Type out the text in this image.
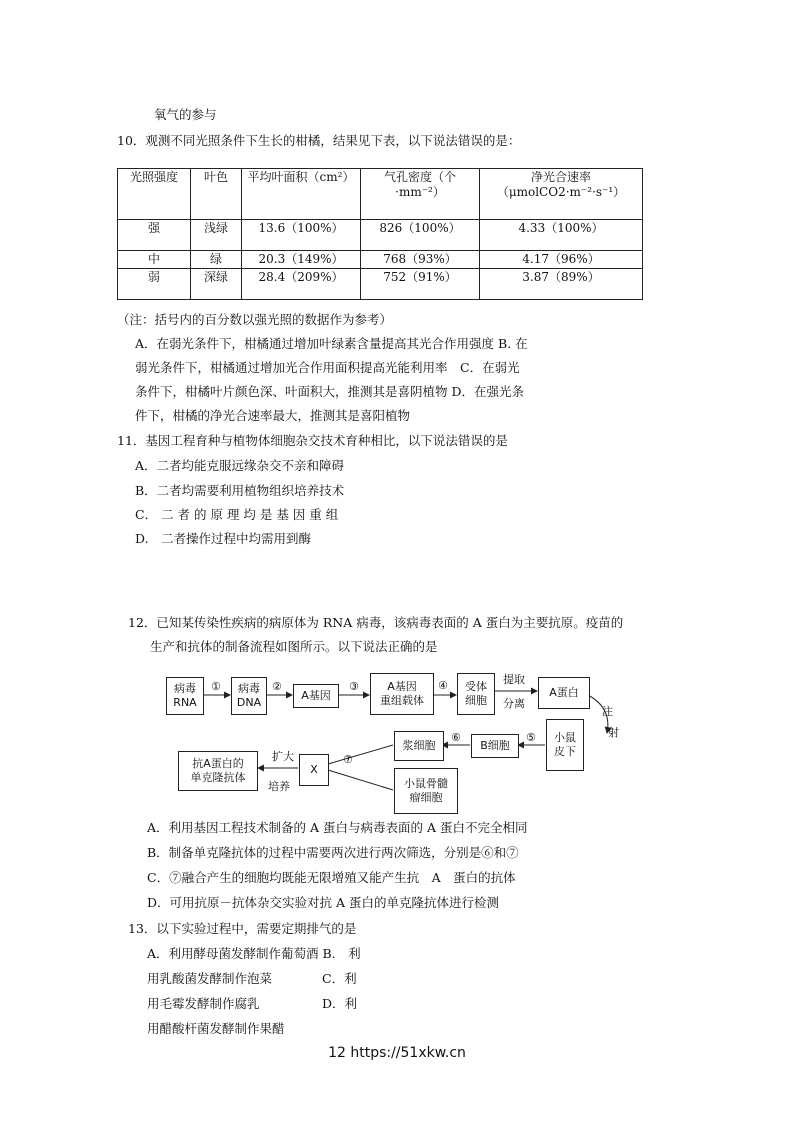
氧气的参与
10．观测不同光照条件下生长的柑橘，结果见下表，以下说法错误的是：
光照强度	叶色	平均叶面积（cm²）	气孔密度（个·mm⁻²）	净光合速率（μmolCO2·m⁻²·s⁻¹）
强	浅绿	13.6（100%）	826（100%）	4.33（100%）
中	绿	20.3（149%）	768（93%）	4.17（96%）
弱	深绿	28.4（209%）	752（91%）	3.87（89%）
（注：括号内的百分数以强光照的数据作为参考）
A．在弱光条件下，柑橘通过增加叶绿素含量提高其光合作用强度 B. 在
弱光条件下，柑橘通过增加光合作用面积提高光能利用率　C．在弱光
条件下，柑橘叶片颜色深、叶面积大，推测其是喜阴植物 D．在强光条
件下，柑橘的净光合速率最大，推测其是喜阳植物
11．基因工程育种与植物体细胞杂交技术育种相比，以下说法错误的是
A．二者均能克服远缘杂交不亲和障碍
B．二者均需要利用植物组织培养技术
C． 二 者 的 原 理 均 是 基 因 重 组
D.　二者操作过程中均需用到酶
12．已知某传染性疾病的病原体为 RNA 病毒，该病毒表面的 A 蛋白为主要抗原。疫苗的
生产和抗体的制备流程如图所示。以下说法正确的是
病毒
RNA
病毒
DNA
A基因
A基因
重组载体
受体
细胞
A蛋白
小鼠
皮下
B细胞
浆细胞
小鼠骨髓
瘤细胞
X
抗A蛋白的
单克隆抗体
①	②	③	④	提取
分离
注
射
⑤
⑥
⑦
扩大
培养
A．利用基因工程技术制备的 A 蛋白与病毒表面的 A 蛋白不完全相同
B．制备单克隆抗体的过程中需要两次进行两次筛选，分别是⑥和⑦
C．⑦融合产生的细胞均既能无限增殖又能产生抗　A　蛋白的抗体
D．可用抗原－抗体杂交实验对抗 A 蛋白的单克隆抗体进行检测
13．以下实验过程中，需要定期排气的是
A．利用酵母菌发酵制作葡萄酒 B.　利
用乳酸菌发酵制作泡菜　　　　C．利
用毛霉发酵制作腐乳　　　　　D．利
用醋酸杆菌发酵制作果醋
12 https://51xkw.cn
